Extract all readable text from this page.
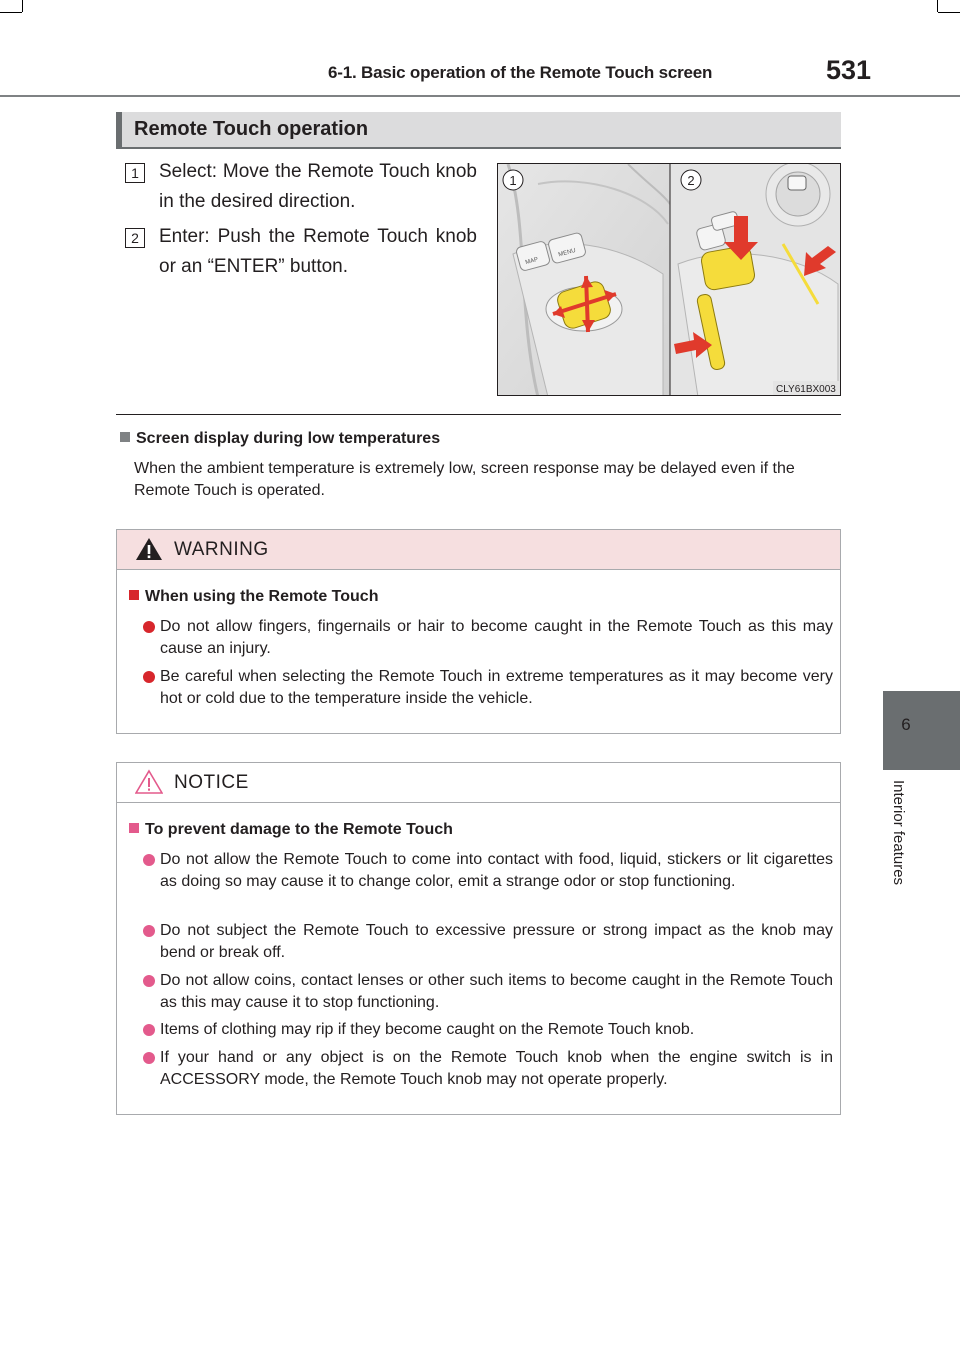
6-1. Basic operation of the Remote Touch screen	531
6
Interior features
Remote Touch operation
1	Select: Move the Remote Touch knob in the desired direction.
2	Enter: Push the Remote Touch knob or an “ENTER” button.	MAP
MENU
1	2
CLY61BX003
Screen display during low temperatures
When the ambient temperature is extremely low, screen response may be delayed even if the Remote Touch is operated.
WARNING
When using the Remote Touch
Do not allow fingers, fingernails or hair to become caught in the Remote Touch as this may cause an injury.
Be careful when selecting the Remote Touch in extreme temperatures as it may become very hot or cold due to the temperature inside the vehicle.
NOTICE
To prevent damage to the Remote Touch
Do not allow the Remote Touch to come into contact with food, liquid, stickers or lit cigarettes as doing so may cause it to change color, emit a strange odor or stop functioning.
Do not subject the Remote Touch to excessive pressure or strong impact as the knob may bend or break off.
Do not allow coins, contact lenses or other such items to become caught in the Remote Touch as this may cause it to stop functioning.
Items of clothing may rip if they become caught on the Remote Touch knob.
If your hand or any object is on the Remote Touch knob when the engine switch is in ACCESSORY mode, the Remote Touch knob may not operate properly.
